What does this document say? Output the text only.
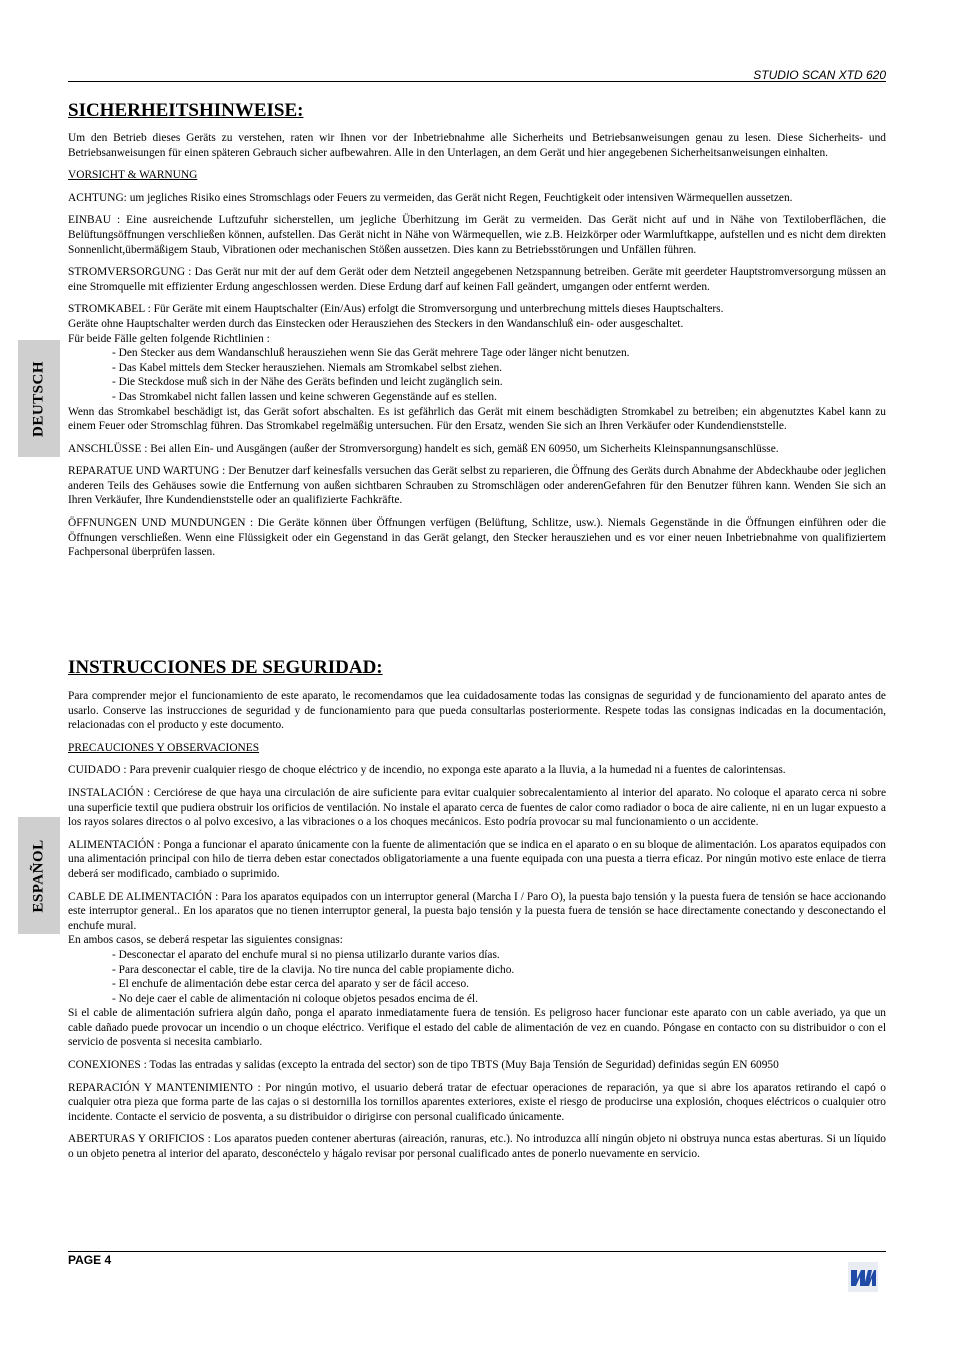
STUDIO SCAN XTD 620
DEUTSCH
ESPAÑOL
SICHERHEITSHINWEISE:

Um den Betrieb dieses Geräts zu verstehen, raten wir Ihnen vor der Inbetriebnahme alle Sicherheits und Betriebsanweisungen genau zu lesen. Diese Sicherheits- und Betriebsanweisungen für einen späteren Gebrauch sicher aufbewahren. Alle in den Unterlagen, an dem Gerät und hier angegebenen Sicherheitsanweisungen einhalten.

VORSICHT & WARNUNG

ACHTUNG: um jegliches Risiko eines Stromschlags oder Feuers zu vermeiden, das Gerät nicht Regen, Feuchtigkeit oder intensiven Wärmequellen aussetzen.

EINBAU : Eine ausreichende Luftzufuhr sicherstellen, um jegliche Überhitzung im Gerät zu vermeiden. Das Gerät nicht auf und in Nähe von Textiloberflächen, die Belüftungsöffnungen verschließen können, aufstellen. Das Gerät nicht in Nähe von Wärmequellen, wie z.B. Heizkörper oder Warmluftkappe, aufstellen und es nicht dem direkten Sonnenlicht,übermäßigem Staub, Vibrationen oder mechanischen Stößen aussetzen. Dies kann zu Betriebsstörungen und Unfällen führen.

STROMVERSORGUNG : Das Gerät nur mit der auf dem Gerät oder dem Netzteil angegebenen Netzspannung betreiben. Geräte mit geerdeter Hauptstromversorgung müssen an eine Stromquelle mit effizienter Erdung angeschlossen werden. Diese Erdung darf auf keinen Fall geändert, umgangen oder entfernt werden.

STROMKABEL : Für Geräte mit einem Hauptschalter (Ein/Aus) erfolgt die Stromversorgung und unterbrechung mittels dieses Hauptschalters.

Geräte ohne Hauptschalter werden durch das Einstecken oder Herausziehen des Steckers in den Wandanschluß ein- oder ausgeschaltet.

Für beide Fälle gelten folgende Richtlinien :

- Den Stecker aus dem Wandanschluß herausziehen wenn Sie das Gerät mehrere Tage oder länger nicht benutzen.
- Das Kabel mittels dem Stecker herausziehen. Niemals am Stromkabel selbst ziehen.
- Die Steckdose muß sich in der Nähe des Geräts befinden und leicht zugänglich sein.
- Das Stromkabel nicht fallen lassen und keine schweren Gegenstände auf es stellen.

Wenn das Stromkabel beschädigt ist, das Gerät sofort abschalten. Es ist gefährlich das Gerät mit einem beschädigten Stromkabel zu betreiben; ein abgenutztes Kabel kann zu einem Feuer oder Stromschlag führen. Das Stromkabel regelmäßig untersuchen. Für den Ersatz, wenden Sie sich an Ihren Verkäufer oder Kundendienststelle.

ANSCHLÜSSE : Bei allen Ein- und Ausgängen (außer der Stromversorgung) handelt es sich, gemäß EN 60950, um Sicherheits Kleinspannungsanschlüsse.

REPARATUE UND WARTUNG : Der Benutzer darf keinesfalls versuchen das Gerät selbst zu reparieren, die Öffnung des Geräts durch Abnahme der Abdeckhaube oder jeglichen anderen Teils des Gehäuses sowie die Entfernung von außen sichtbaren Schrauben zu Stromschlägen oder anderenGefahren für den Benutzer führen kann. Wenden Sie sich an Ihren Verkäufer, Ihre Kundendienststelle oder an qualifizierte Fachkräfte.

ÖFFNUNGEN UND MUNDUNGEN : Die Geräte können über Öffnungen verfügen (Belüftung, Schlitze, usw.). Niemals Gegenstände in die Öffnungen einführen oder die Öffnungen verschließen. Wenn eine Flüssigkeit oder ein Gegenstand in das Gerät gelangt, den Stecker herausziehen und es vor einer neuen Inbetriebnahme von qualifiziertem Fachpersonal überprüfen lassen.

INSTRUCCIONES DE SEGURIDAD:

Para comprender mejor el funcionamiento de este aparato, le recomendamos que lea cuidadosamente todas las consignas de seguridad y de funcionamiento del aparato antes de usarlo. Conserve las instrucciones de seguridad y de funcionamiento para que pueda consultarlas posteriormente. Respete todas las consignas indicadas en la documentación, relacionadas con el producto y este documento.

PRECAUCIONES Y OBSERVACIONES

CUIDADO : Para prevenir cualquier riesgo de choque eléctrico y de incendio, no exponga este aparato a la lluvia, a la humedad ni a fuentes de calorintensas.

INSTALACIÓN : Cerciórese de que haya una circulación de aire suficiente para evitar cualquier sobrecalentamiento al interior del aparato. No coloque el aparato cerca ni sobre una superficie textil que pudiera obstruir los orificios de ventilación. No instale el aparato cerca de fuentes de calor como radiador o boca de aire caliente, ni en un lugar expuesto a los rayos solares directos o al polvo excesivo, a las vibraciones o a los choques mecánicos. Esto podría provocar su mal funcionamiento o un accidente.

ALIMENTACIÓN : Ponga a funcionar el aparato únicamente con la fuente de alimentación que se indica en el aparato o en su bloque de alimentación. Los aparatos equipados con una alimentación principal con hilo de tierra deben estar conectados obligatoriamente a una fuente equipada con una puesta a tierra eficaz. Por ningún motivo este enlace de tierra deberá ser modificado, cambiado o suprimido.

CABLE DE ALIMENTACIÓN : Para los aparatos equipados con un interruptor general (Marcha I / Paro O), la puesta bajo tensión y la puesta fuera de tensión se hace accionando este interruptor general.. En los aparatos que no tienen interruptor general, la puesta bajo tensión y la puesta fuera de tensión se hace directamente conectando y desconectando el enchufe mural.

En ambos casos, se deberá respetar las siguientes consignas:

- Desconectar el aparato del enchufe mural si no piensa utilizarlo durante varios días.
- Para desconectar el cable, tire de la clavija. No tire nunca del cable propiamente dicho.
- El enchufe de alimentación debe estar cerca del aparato y ser de fácil acceso.
- No deje caer el cable de alimentación ni coloque objetos pesados encima de él.

Si el cable de alimentación sufriera algún daño, ponga el aparato inmediatamente fuera de tensión. Es peligroso hacer funcionar este aparato con un cable averiado, ya que un cable dañado puede provocar un incendio o un choque eléctrico. Verifique el estado del cable de alimentación de vez en cuando. Póngase en contacto con su distribuidor o con el servicio de posventa si necesita cambiarlo.

CONEXIONES : Todas las entradas y salidas (excepto la entrada del sector) son de tipo TBTS (Muy Baja Tensión de Seguridad) definidas según EN 60950

REPARACIÓN Y MANTENIMIENTO : Por ningún motivo, el usuario deberá tratar de efectuar operaciones de reparación, ya que si abre los aparatos retirando el capó o cualquier otra pieza que forma parte de las cajas o si destornilla los tornillos aparentes exteriores, existe el riesgo de producirse una explosión, choques eléctricos o cualquier otro incidente. Contacte el servicio de posventa, a su distribuidor o dirigirse con personal cualificado únicamente.

ABERTURAS Y ORIFICIOS : Los aparatos pueden contener aberturas (aireación, ranuras, etc.). No introduzca allí ningún objeto ni obstruya nunca estas aberturas. Si un líquido o un objeto penetra al interior del aparato, desconéctelo y hágalo revisar por personal cualificado antes de ponerlo nuevamente en servicio.

PAGE 4
